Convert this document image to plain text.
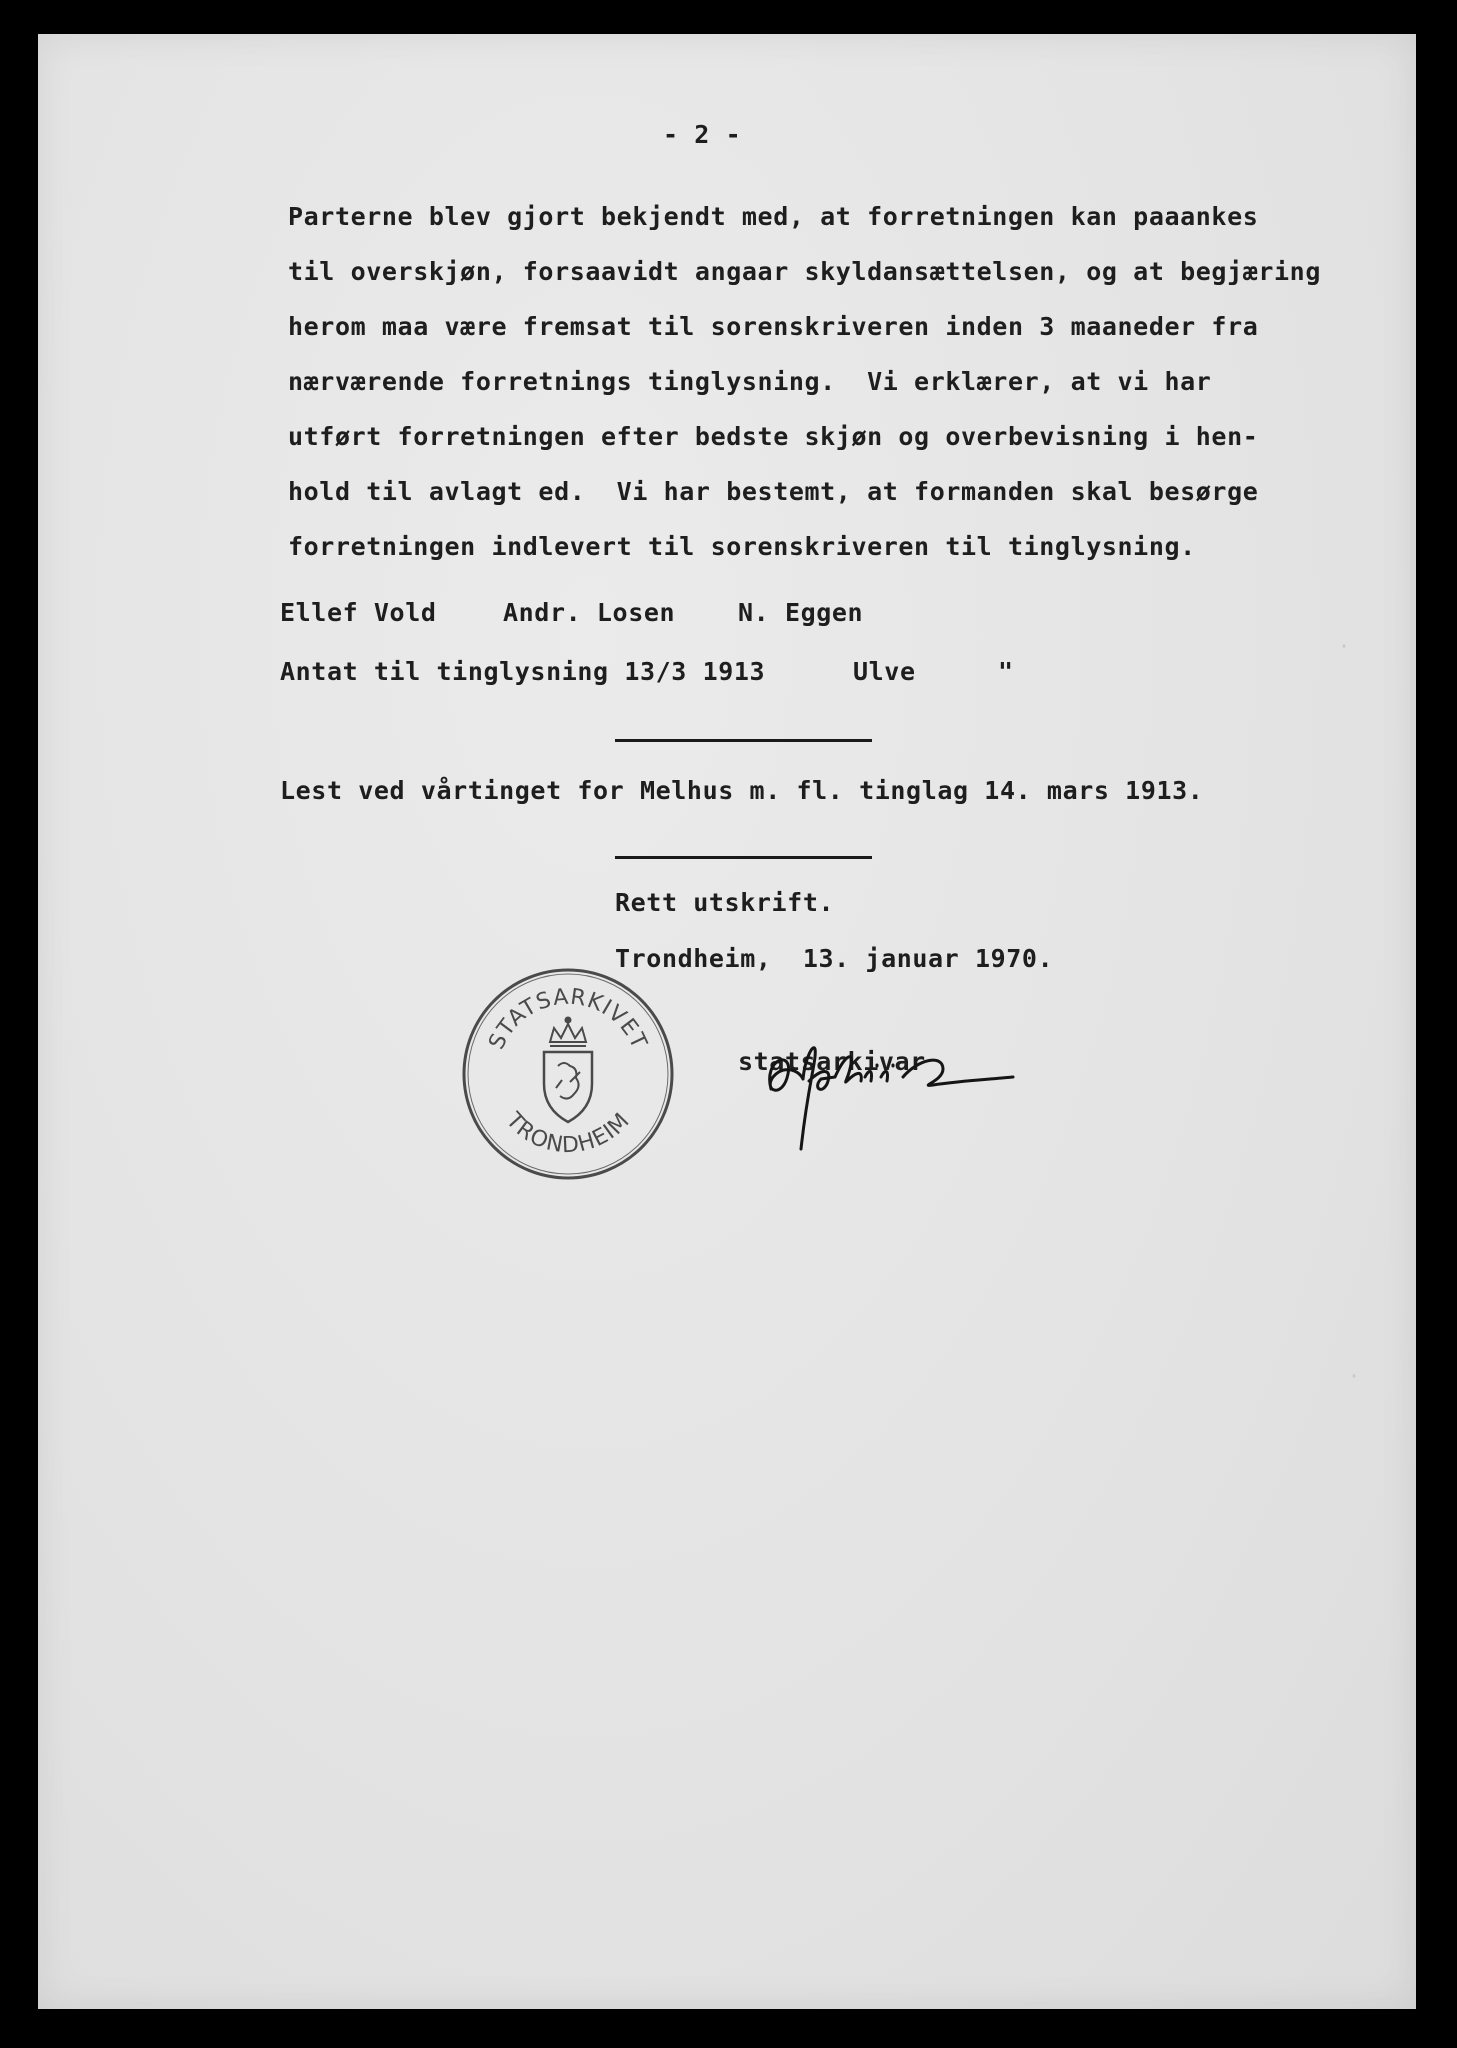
- 2 -

Parterne blev gjort bekjendt med, at forretningen kan paaankes

til overskjøn, forsaavidt angaar skyldansættelsen, og at begjæring

herom maa være fremsat til sorenskriveren inden 3 maaneder fra

nærværende forretnings tinglysning.  Vi erklærer, at vi har

utført forretningen efter bedste skjøn og overbevisning i hen-

hold til avlagt ed.  Vi har bestemt, at formanden skal besørge

forretningen indlevert til sorenskriveren til tinglysning.

Ellef Vold	Andr. Losen	N. Eggen

Antat til tinglysning 13/3 1913	Ulve	"

Lest ved vårtinget for Melhus m. fl. tinglag 14. mars 1913.

Rett utskrift.

Trondheim,  13. januar 1970.

statsarkivar

STATSARKIVET
TRONDHEIM
·
·
